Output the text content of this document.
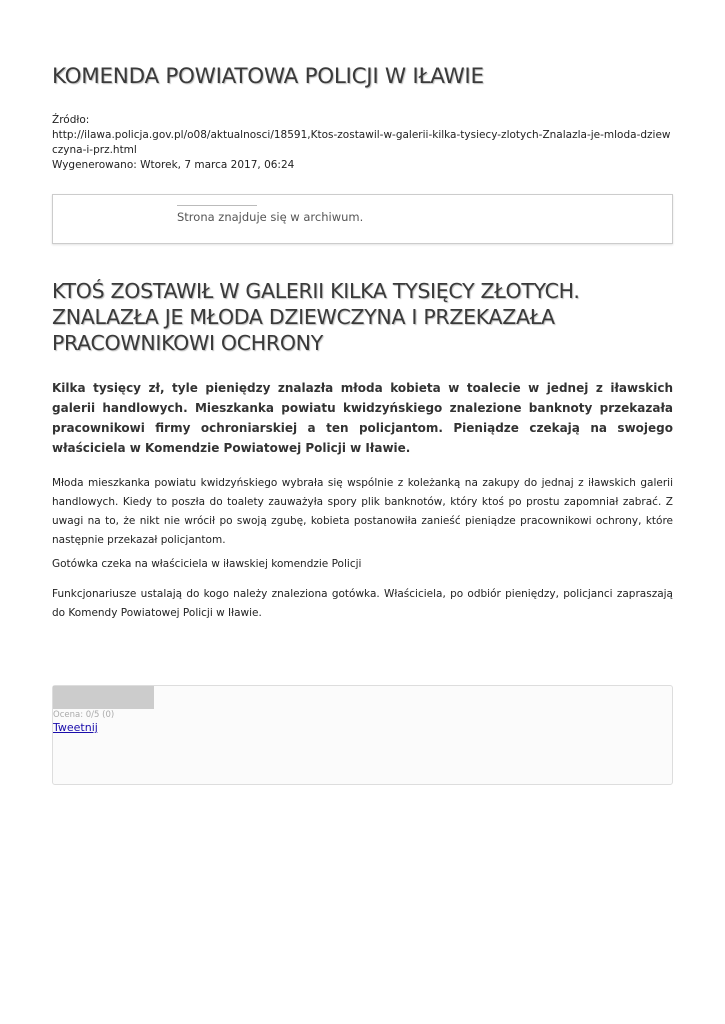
KOMENDA POWIATOWA POLICJI W IŁAWIE
Źródło:
http://ilawa.policja.gov.pl/o08/aktualnosci/18591,Ktos-zostawil-w-galerii-kilka-tysiecy-zlotych-Znalazla-je-mloda-dziewczyna-i-prz.html
Wygenerowano: Wtorek, 7 marca 2017, 06:24
Strona znajduje się w archiwum.
KTOŚ ZOSTAWIŁ W GALERII KILKA TYSIĘCY ZŁOTYCH. ZNALAZŁA JE MŁODA DZIEWCZYNA I PRZEKAZAŁA PRACOWNIKOWI OCHRONY

Kilka tysięcy zł, tyle pieniędzy znalazła młoda kobieta w toalecie w jednej z iławskich galerii handlowych. Mieszkanka powiatu kwidzyńskiego znalezione banknoty przekazała pracownikowi firmy ochroniarskiej a ten policjantom. Pieniądze czekają na swojego właściciela w Komendzie Powiatowej Policji w Iławie.

Młoda mieszkanka powiatu kwidzyńskiego wybrała się wspólnie z koleżanką na zakupy do jednaj z iławskich galerii handlowych. Kiedy to poszła do toalety zauważyła spory plik banknotów, który ktoś po prostu zapomniał zabrać. Z uwagi na to, że nikt nie wrócił po swoją zgubę, kobieta postanowiła zanieść pieniądze pracownikowi ochrony, które następnie przekazał policjantom.

Gotówka czeka na właściciela w iławskiej komendzie Policji

Funkcjonariusze ustalają do kogo należy znaleziona gotówka. Właściciela, po odbiór pieniędzy, policjanci zapraszają do Komendy Powiatowej Policji w Iławie.

Ocena: 0/5 (0)
Tweetnij
